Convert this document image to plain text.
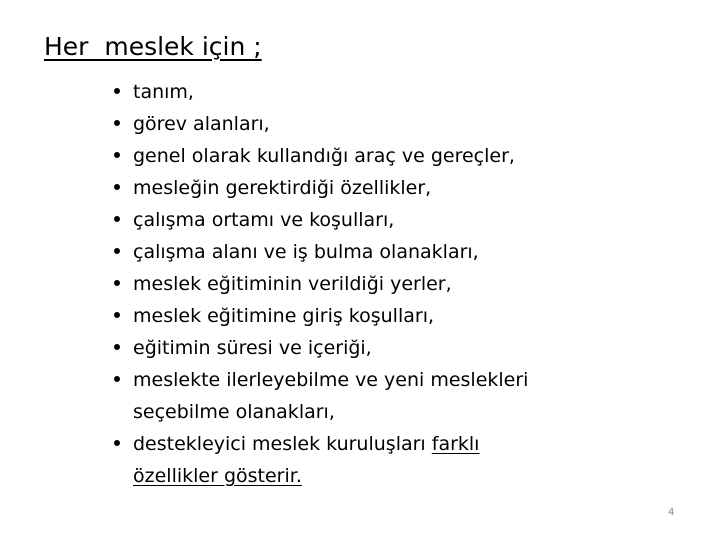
Her  meslek için ;
tanım,
görev alanları,
genel olarak kullandığı araç ve gereçler,
mesleğin gerektirdiği özellikler,
çalışma ortamı ve koşulları,
çalışma alanı ve iş bulma olanakları,
meslek eğitiminin verildiği yerler,
meslek eğitimine giriş koşulları,
eğitimin süresi ve içeriği,
meslekte ilerleyebilme ve yeni meslekleri
seçebilme olanakları,
destekleyici meslek kuruluşları farklı
özellikler gösterir.
4
